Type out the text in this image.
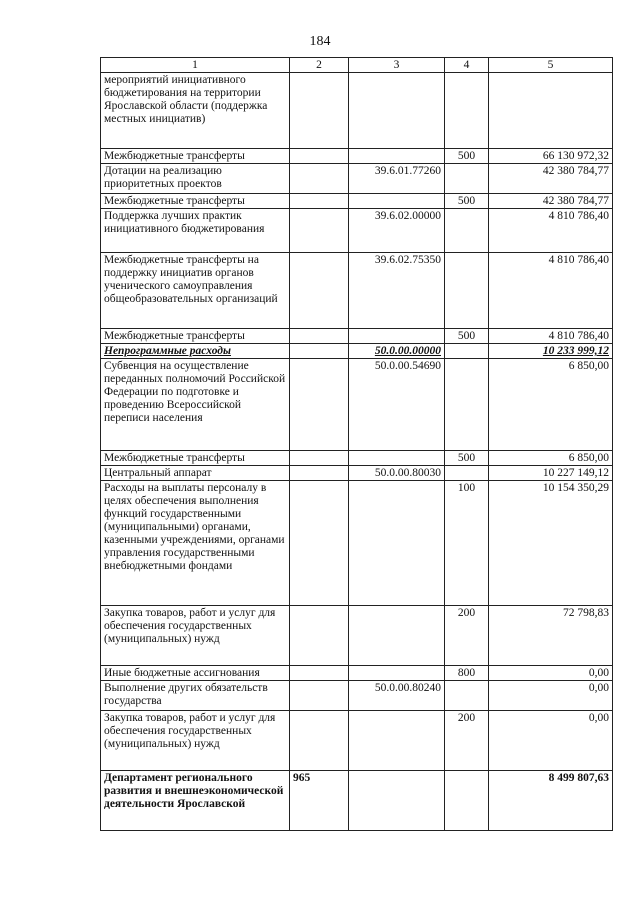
184
1	2	3	4	5
мероприятий инициативного бюджетирования на территории Ярославской области (поддержка местных инициатив)				
Межбюджетные трансферты			500	66 130 972,32
Дотации на реализацию приоритетных проектов		39.6.01.77260		42 380 784,77
Межбюджетные трансферты			500	42 380 784,77
Поддержка лучших практик инициативного бюджетирования		39.6.02.00000		4 810 786,40
Межбюджетные трансферты на поддержку инициатив органов ученического самоуправления общеобразовательных организаций		39.6.02.75350		4 810 786,40
Межбюджетные трансферты			500	4 810 786,40
Непрограммные расходы		50.0.00.00000		10 233 999,12
Субвенция на осуществление переданных полномочий Российской Федерации по подготовке и проведению Всероссийской переписи населения		50.0.00.54690		6 850,00
Межбюджетные трансферты			500	6 850,00
Центральный аппарат		50.0.00.80030		10 227 149,12
Расходы на выплаты персоналу в целях обеспечения выполнения функций государственными (муниципальными) органами, казенными учреждениями, органами управления государственными внебюджетными фондами			100	10 154 350,29
Закупка товаров, работ и услуг для обеспечения государственных (муниципальных) нужд			200	72 798,83
Иные бюджетные ассигнования			800	0,00
Выполнение других обязательств государства		50.0.00.80240		0,00
Закупка товаров, работ и услуг для обеспечения государственных (муниципальных) нужд			200	0,00
Департамент регионального развития и внешнеэкономической деятельности Ярославской	965			8 499 807,63
